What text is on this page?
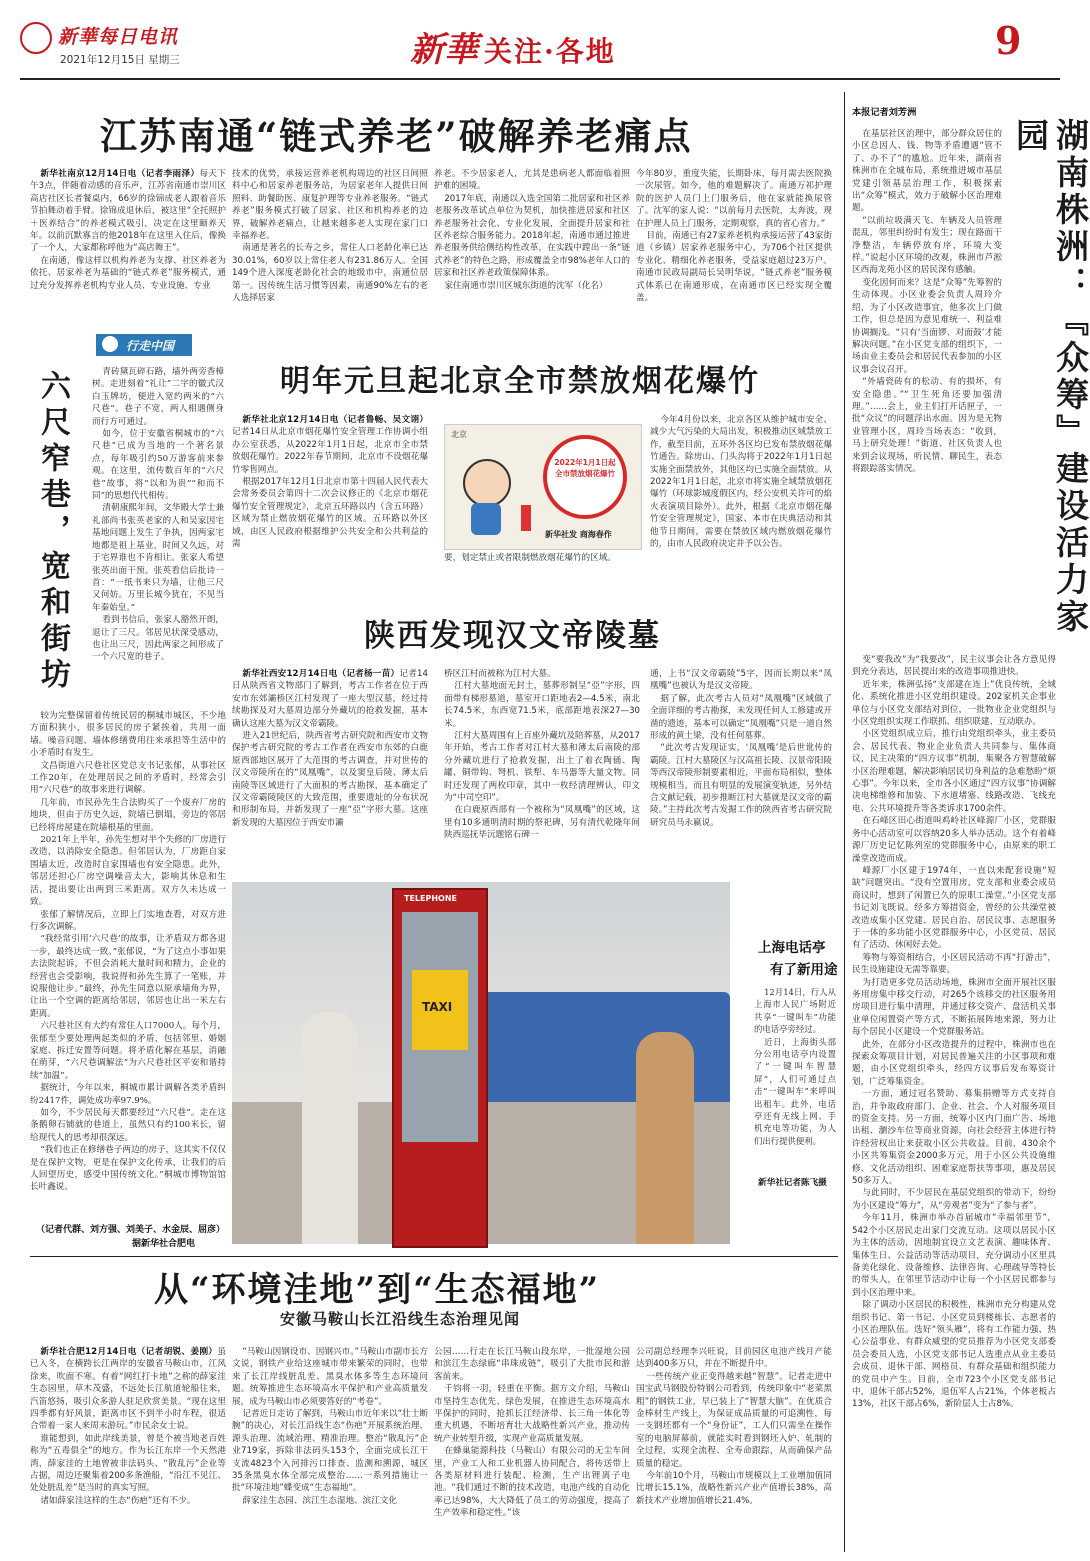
新華每日电讯
2021年12月15日 星期三	新華 关注·各地	9
江苏南通“链式养老”破解养老痛点

新华社南京12月14日电（记者李雨泽）每天下午3点，伴随着动感的音乐声，江苏省南通市崇川区高店社区长者餐桌内，66岁的徐锦成老人跟着音乐节拍舞动着手臂。徐锦成退休后，被这里“全托照护＋医养结合”的养老模式吸引，决定在这里颐养天年。以前沉默寡言的他2018年在这里入住后，像换了一个人，大家都称呼他为“高店舞王”。

在南通，像这样以机构养老为支撑、社区养老为依托、居家养老为基础的“链式养老”服务模式，通过充分发挥养老机构专业人员、专业设施、专业

技术的优势，承接运营养老机构周边的社区日间照料中心和居家养老服务站，为居家老年人提供日间照料、助餐助医、康复护理等专业养老服务。“链式养老”服务模式打破了居家、社区和机构养老的边界，破解养老痛点，让越来越多老人实现在家门口幸福养老。

南通是著名的长寿之乡，常住人口老龄化率已达30.01%，60岁以上常住老人有231.86万人。全国149个进入深度老龄化社会的地级市中，南通位居第一。因传统生活习惯等因素，南通90%左右的老人选择居家

养老。不少居家老人，尤其是患病老人都面临着照护难的困境。

2017年底，南通以入选全国第二批居家和社区养老服务改革试点单位为契机，加快推进居家和社区养老服务社会化、专业化发展，全面提升居家和社区养老综合服务能力。2018年起，南通市通过推进养老服务供给侧结构性改革，在实践中蹚出一条“链式养老”的特色之路，形成覆盖全市98%老年人口的居家和社区养老政策保障体系。

家住南通市崇川区城东街道的沈军（化名）

今年80岁，重度失能，长期卧床，每月需去医院换一次尿管。如今，他的难题解决了。南通万祁护理院的医护人员门上门服务后，他在家就能换尿管了。沈军的家人说：“以前每月去医院，太奔波，现在护理人员上门服务，定期观察，真的省心省力。”

目前，南通已有27家养老机构承接运营了43家街道（乡镇）居家养老服务中心，为706个社区提供专业化、精细化养老服务，受益家庭超过23万户。南通市民政局副局长吴明华说，“链式养老”服务模式体系已在南通形成，在南通市区已经实现全覆盖。

行走中国
六尺窄巷，宽和街坊	青砖黛瓦碎石路，墙外两旁香樟树。走进刻着“礼让”二字的徽式汉白玉牌坊，便进入宽约两米的“六尺巷”。巷子不宽，两人相遇侧身而行方可通过。

如今，位于安徽省桐城市的“六尺巷”已成为当地的一个著名景点，每年吸引约50万游客前来参观。在这里，流传数百年的“六尺巷”故事，将“以和为贵”“和而不同”的思想代代相传。

清朝康熙年间，文华殿大学士兼礼部尚书张英老家的人和吴家因宅基地问题上发生了争执，因两家宅地都是祖上基业，时间又久远，对于宅界谁也不肯相让。张家人希望张英出面干预。张英看信后批诗一首：“一纸书来只为墙，让他三尺又何妨。万里长城今犹在，不见当年秦始皇。”

看到书信后，张家人豁然开朗，退让了三尺。邻居见状深受感动，也让出三尺，因此两家之间形成了一个六尺宽的巷子。

较为完整保留着传统民居的桐城市城区，不少地方面积狭小，很多居民的房子紧挨着，共用一面墙。噪音问题、墙体修缮费用往来承担等生活中的小矛盾时有发生。

文昌街道六尺巷社区党总支书记张郁，从事社区工作20年，在处理居民之间的矛盾时，经常会引用“六尺巷”的故事来进行调解。

几年前，市民孙先生合法购买了一个废弃厂房的地块，但由于历史久远，院墙已倒塌，旁边的邻居已经将房屋建在院墙根基的里面。

2021年上半年，孙先生想对半个失修的厂房进行改造，以消除安全隐患。但邻居认为，厂房距自家围墙太近，改造时自家围墙也有安全隐患。此外，邻居还担心厂房空调噪音太大，影响其休息和生活，提出要让出两到三米距离。双方久未达成一致。

张郁了解情况后，立即上门实地查看，对双方进行多次调解。

“我经常引用‘六尺巷’的故事，让矛盾双方都各退一步，最终达成一致。”张郁说，“为了这点小事如果去法院起诉，不但会消耗大量时间和精力，企业的经营也会受影响，我说得和孙先生算了一笔账，并说服他让步。”最终，孙先生同意以原承墙角为界，让出一个空调的距离给邻居，邻居也让出一米左右距离。

六尺巷社区有大约有常住人口7000人。每个月，张郁至少要处理两起类似的矛盾，包括邻里、婚姻家庭、拆迁安置等问题。将矛盾化解在基层，消融在萌芽，“六尺巷调解法”为六尺巷社区平安和谐持续“加温”。

据统计，今年以来，桐城市累计调解各类矛盾纠纷2417件，调处成功率97.9%。

如今，不少居民每天都要经过“六尺巷”。走在这条鹅卵石铺就的巷道上，虽然只有约100米长，留给现代人的思考却很深远。

“我们也正在修缮巷子两边的房子，这其实不仅仅是在保护文物，更是在保护文化传承，让我们的后人回望历史，感受中国传统文化。”桐城市博物馆馆长叶鑫说。

（记者代群、刘方强、刘美子、水金辰、屈彦）
据新华社合肥电
明年元旦起北京全市禁放烟花爆竹

新华社北京12月14日电（记者鲁畅、吴文诩）记者14日从北京市烟花爆竹安全管理工作协调小组办公室获悉，从2022年1月1日起，北京市全市禁放烟花爆竹。2022年春节期间，北京市不设烟花爆竹零售网点。

根据2017年12月1日北京市第十四届人民代表大会常务委员会第四十二次会议修正的《北京市烟花爆竹安全管理规定》，北京五环路以内（含五环路）区域为禁止燃放烟花爆竹的区域。五环路以外区域，由区人民政府根据维护公共安全和公共利益的需

北京
2022年1月1日起 全市禁放烟花爆竹
新华社发 商海春作

要，划定禁止或者限制燃放烟花爆竹的区域。

今年4月份以来，北京各区从维护城市安全、减少大气污染的大局出发，积极推动区域禁放工作，截至目前，五环外各区均已发布禁放烟花爆竹通告。除房山、门头沟将于2022年1月1日起实施全面禁放外，其他区均已实施全面禁放。从2022年1月1日起，北京市将实施全域禁放烟花爆竹（环球影城度假区内，经公安机关许可的焰火表演项目除外）。此外，根据《北京市烟花爆竹安全管理规定》，国家、本市在庆典活动和其他节日期间，需要在禁放区域内燃放烟花爆竹的，由市人民政府决定并予以公告。

陕西发现汉文帝陵墓

新华社西安12月14日电（记者杨一苗）记者14日从陕西省文物部门了解到，考古工作者在位于西安市东郊灞桥区江村发现了一座大型汉墓，经过持续勘探及对大墓周边部分外藏坑的抢救发掘，基本确认这座大墓为汉文帝霸陵。

进入21世纪后，陕西省考古研究院和西安市文物保护考古研究院的考古工作者在西安市东郊的白鹿原西部地区展开了大范围的考古调查，并对世传的汉文帝陵所在的“凤凰嘴”，以及窦皇后陵、薄太后南陵等区域进行了大面积的考古勘探，基本确定了汉文帝霸陵陵区的大致范围，重要遗址的分布状况和形制布局，并新发现了一座“亞”字形大墓。这座新发现的大墓因位于西安市灞

桥区江村而被称为江村大墓。

江村大墓地面无封土，墓葬形制呈“亞”字形，四面带有梯形墓道，墓室开口距地表2—4.5米，南北长74.5米，东西宽71.5米，底部距地表深27—30米。

江村大墓周围有上百座外藏坑及陪葬墓，从2017年开始，考古工作者对江村大墓和薄太后南陵的部分外藏坑进行了抢救发掘，出土了着衣陶俑、陶罐、铜带钩、弩机、铁犁、车马器等大量文物。同时还发现了两枚印章，其中一枚经清理辨认，印文为“中司空印”。

在白鹿原西部有一个被称为“凤凰嘴”的区域，这里有10多通明清时期的祭祀碑，另有清代乾隆年间陕西巡抚毕沅题铭石碑一

通，上书“汉文帝霸陵”5字，因而长期以来“凤凰嘴”也被认为是汉文帝陵。

据了解，此次考古人员对“凤凰嘴”区域做了全面详细的考古勘探，未发现任何人工修建或开凿的遗迹，基本可以确定“凤凰嘴”只是一道自然形成的黄土梁，没有任何墓葬。

“此次考古发现证实，‘凤凰嘴’是后世讹传的霸陵。江村大墓陵区与汉高祖长陵、汉景帝阳陵等西汉帝陵形制要素相近，平面布局相似，整体规模相当，而且有明显的发展演变轨迹，另外结合文献记载，初步推断江村大墓就是汉文帝的霸陵。”主持此次考古发掘工作的陕西省考古研究院研究员马永嬴说。

TELEPHONE
TAXI
上海电话亭
有了新用途

12月14日，行人从上海市人民广场附近共享“一键叫车”功能的电话亭旁经过。

近日，上海街头部分公用电话亭内设置了“一键叫车智慧屏”，人们可通过点击“一键叫车”来呼叫出租车。此外，电话亭还有无线上网、手机充电等功能，为人们出行提供便利。

新华社记者陈飞摄
从“环境洼地”到“生态福地”
安徽马鞍山长江沿线生态治理见闻

新华社合肥12月14日电（记者胡锐、姜刚）虽已入冬，在横跨长江两岸的安徽省马鞍山市，江风徐来，吹面不寒。有着“网红打卡地”之称的薛家洼生态园里，草木茂盛，不远处长江航道轮船往来，汽笛悠扬，吸引众多游人驻足欣赏美景。“现在这里四季都有好风景，距离市区不到半小时车程，很适合带着一家人来周末游玩。”市民余女士说。

谁能想到，如此岸线美景，曾是个被当地老百姓称为“五毒俱全”的地方。作为长江东岸一个天然港湾，薛家洼的土地曾被非法码头、“散乱污”企业等占据，周边还聚集着200多条渔船，“沿江不见江、处处脏乱差”是当时的真实写照。

诸如薛家洼这样的生态“伤疤”还有不少。

“马鞍山因钢设市、因钢兴市。”马鞍山市副市长方文说，钢铁产业给这座城市带来繁荣的同时，也带来了长江岸线脏乱差、黑臭水体多等生态环境问题。统筹推进生态环境高水平保护和产业高质量发展，成为马鞍山市必须要答好的“考卷”。

记者近日走访了解到，马鞍山市近年来以“壮士断腕”的决心，对长江沿线生态“伤疤”开展系统治理、源头治理、流域治理、精准治理。整治“散乱污”企业719家，拆除非法码头153个，全面完成长江干支流4823个入河排污口排查、监测和溯源，城区35条黑臭水体全部完成整治……一系列措施让一批“环境洼地”蝶变成“生态福地”。

薛家洼生态园、滨江生态湿地、滨江文化

公园……行走在长江马鞍山段东岸，一批湿地公园和滨江生态绿廊“串珠成链”，吸引了大批市民和游客前来。

千钧将一羽，轻重在平衡。据方文介绍，马鞍山市坚持生态优先、绿色发展，在推进生态环境高水平保护的同时，抢抓长江经济带、长三角一体化等重大机遇，不断培育壮大战略性新兴产业，推动传统产业转型升级，实现产业高质量发展。

在蜂巢能源科技（马鞍山）有限公司的无尘车间里，产业工人和工业机器人协同配合，将传送带上各类原材料进行装配、检测，生产出锂离子电池。“我们通过不断的技术改造，电池产线的自动化率已达98%，大大降低了员工的劳动强度，提高了生产效率和稳定性。”该

公司副总经理李兴旺说，目前园区电池产线月产能达到400多万只，并在不断提升中。

一些传统产业正变得越来越“智慧”。记者走进中国宝武马钢股份特钢公司看到，传统印象中“老菜黑粗”的钢铁工业，早已装上了“智慧大脑”。在优质合金棒材生产线上，为保证成品质量的可追溯性，每一支钢坯都有一个“身份证”，工人们只需坐在操作室的电脑屏幕前，就能实时看到钢坯入炉、轧制的全过程，实现全流程、全寿命跟踪，从而确保产品质量的稳定。

今年前10个月，马鞍山市规模以上工业增加值同比增长15.1%，战略性新兴产业产值增长38%，高新技术产业增加值增长21.4%。

本报记者刘芳洲
湖南株洲：『众筹』建设活力家园

在基层社区治理中，部分群众居住的小区总因人、钱、物等矛盾遭遇“管不了、办不了”的尴尬。近年来，湖南省株洲市在全城布局，系统推进城市基层党建引领基层治理工作，积极探索出“众筹”模式，效力于破解小区治理难题。

“以前垃圾满天飞、车辆及人员管理混乱，邻里纠纷时有发生；现在路面干净整洁，车辆停放有序，环境大变样。”说起小区环境的改观，株洲市芦淞区西海龙苑小区的居民深有感触。

变化因何而来？这是“众筹”先筹智的生动体现。小区业委会负责人周玲介绍，为了小区改造事宜，他多次上门做工作，但总是因为意见难统一、利益难协调搁浅。“只有‘当面锣、对面鼓’才能解决问题。”在小区党支部的组织下，一场由业主委员会和居民代表参加的小区议事会议召开。

“外墙瓷砖有的松动、有的损坏，有安全隐患。”“卫生死角还要加强清理。”……会上，业主们打开话匣子，一批“众议”的问题浮出水面。因为是无物业管理小区，周玲当场表态：“收到，马上研究处理！”街道、社区负责人也来到会议现场，听民情、聊民生，表态将跟踪落实情况。

变“要我改”为“我要改”，民主议事会让各方意见得到充分表达，居民提出来的改造事项推进快。

近年来，株洲弘扬“支部建在连上”优良传统，全域化、系统化推进小区党组织建设。202家机关企事业单位与小区党支部结对到位，一批物业企业党组织与小区党组织实现工作联抓、组织联建、互动联办。

小区党组织成立后，推行由党组织牵头，业主委员会、居民代表、物业企业负责人共同参与、集体商议，民主决策的“四方议事”机制，集聚各方智慧破解小区治理难题，解决影响居民切身利益的急难愁盼“烦心事”。今年以来，全市各小区通过“四方议事”协调解决电梯维修和加装、下水道堵塞、线路改造、飞线充电、公共环境提升等各类诉求1700余件。

在石峰区田心街道叫鸡岭社区峰源厂小区，党群服务中心活动室可以容纳20多人举办活动。这个有着峰源厂历史记忆陈列室的党群服务中心，由原来的职工澡堂改造而成。

峰源厂小区建于1974年，一直以来配套设施“短缺”问题突出。“没有空置用房，党支部和业委会成员商议时，想到了闲置已久的原职工澡堂。”小区党支部书记刘飞既说。经多方筹措资金，曾经的公共澡堂被改造成集小区党建、居民自治、居民议事、志愿服务于一体的多功能小区党群服务中心，小区党员、居民有了活动、休闲好去处。

筹物与筹资相结合，小区居民活动不再“打游击”，民生设施建设无需等靠要。

为打造更多党员活动场地，株洲市全面开展社区服务用房集中移交行动，对265个该移交的社区服务用房项目进行集中清理，并通过移交资产、盘活机关事业单位闲置资产等方式，不断拓展阵地来源，努力让每个居民小区建设一个党群服务站。

此外，在部分小区改造提升的过程中，株洲市也在探索众筹项目计划，对居民普遍关注的小区事项和难题，由小区党组织牵头，经四方议事后发布筹资计划，广泛筹集资金。

一方面，通过冠名赞助、募集捐赠等方式支持自治，并争取政府部门、企业、社会、个人对服务项目的资金支持。另一方面，统筹小区内门面广告、场地出租、瀏沙车位等商业资源，向社会经营主体进行特许经营权出让来获取小区公共收益。目前，430余个小区共筹集资金2000多万元，用于小区公共设施维修、文化活动组织、困难家庭帮扶等事项，惠及居民50多万人。

与此同时，不少居民在基层党组织的带动下，纷纷为小区建设“筹力”，从“旁观者”变为“了参与者”。

今年11月，株洲市举办首届城市“幸福邻里节”，542个小区居民走出家门交流互动。这项以居民小区为主体的活动，因地制宜设立文艺表演、趣味体育、集体生日、公益活动等活动项目，充分调动小区里具备美化绿化、设备维修、法律咨询、心理疏导等特长的带头人，在邻里节活动中让每一个小区居民都参与到小区治理中来。

除了调动小区居民的积极性，株洲市充分构建从党组织书记、第一书记、小区党员到楼栋长、志愿者的小区治理队伍。选好“领头雁”，将有工作能力强、热心公益事业、有群众威望的党员推荐为小区党支部委员会委员人选，小区党支部书记人选重点从业主委员会成员、退休干部、网格员、有群众基础和组织能力的党员中产生。目前，全市723个小区党支部书记中，退休干部占52%，退伍军人占21%，个体老板占13%，社区干部占6%，新阶层人士占8%。
